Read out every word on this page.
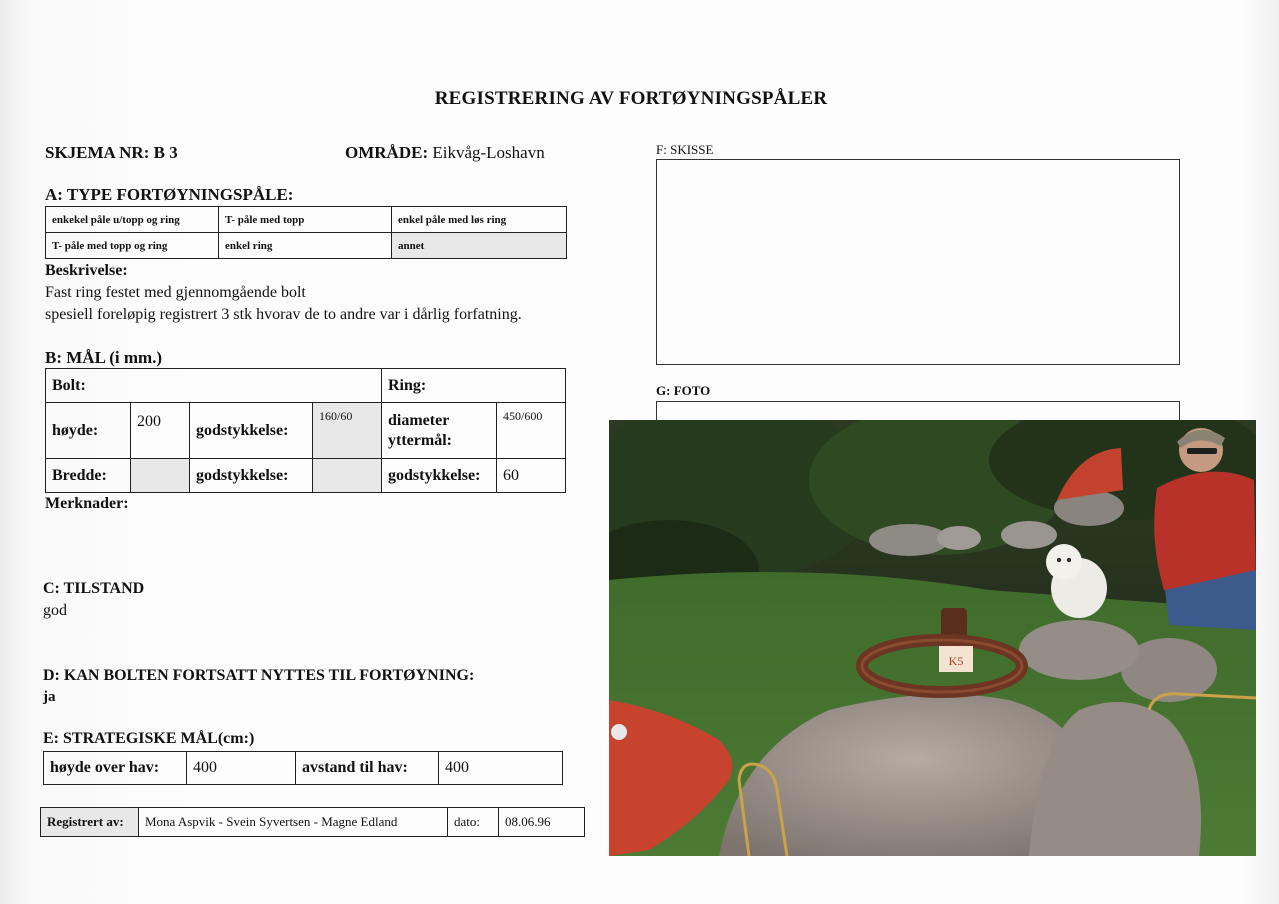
REGISTRERING AV FORTØYNINGSPÅLER
SKJEMA NR: B 3	OMRÅDE: Eikvåg-Loshavn
A: TYPE FORTØYNINGSPÅLE:
enkekel påle u/topp og ring	T- påle med topp	enkel påle med løs ring
T- påle med topp og ring	enkel ring	annet
Beskrivelse:
Fast ring festet med gjennomgående bolt
spesiell foreløpig registrert 3 stk hvorav de to andre var i dårlig forfatning.
B: MÅL (i mm.)
Bolt:				Ring:	
høyde:	200	godstykkelse:	160/60	diameter yttermål:	450/600
Bredde:		godstykkelse:		godstykkelse:	60
Merknader:
C: TILSTAND
god
D: KAN BOLTEN FORTSATT NYTTES TIL FORTØYNING:
ja
E: STRATEGISKE MÅL(cm:)
høyde over hav:	400	avstand til hav:	400
Registrert av:	Mona Aspvik - Svein Syvertsen - Magne Edland	dato:	08.06.96
F: SKISSE
G: FOTO
K5
